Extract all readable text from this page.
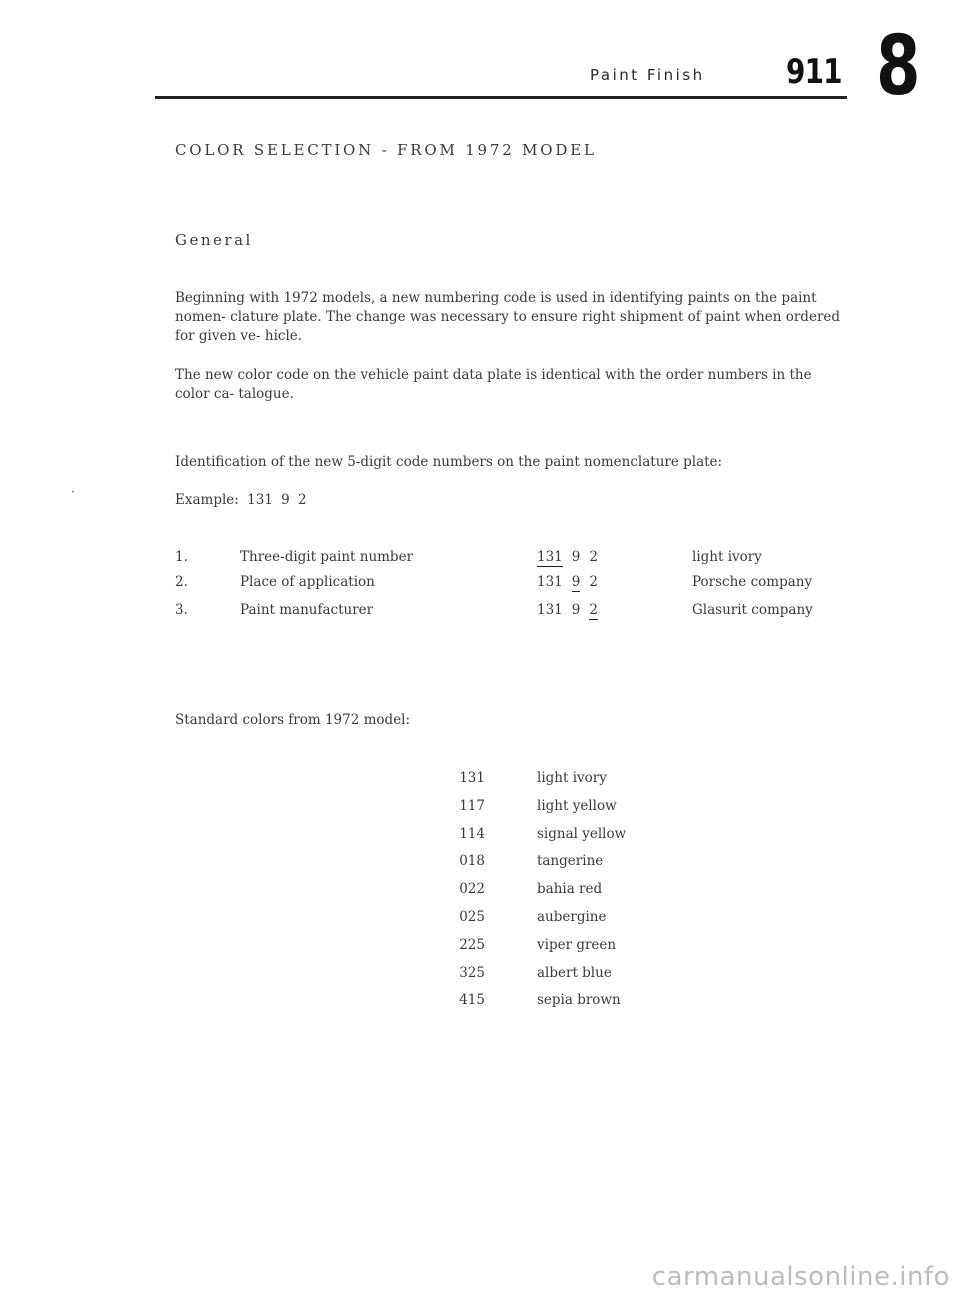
Paint Finish 911 8
COLOR SELECTION - FROM 1972 MODEL
General
Beginning with 1972 models, a new numbering code is used in identifying paints on the paint nomen- clature plate. The change was necessary to ensure right shipment of paint when ordered for given ve- hicle.
The new color code on the vehicle paint data plate is identical with the order numbers in the color ca- talogue.
Identification of the new 5-digit code numbers on the paint nomenclature plate:
Example: 131 9 2
1.	Three-digit paint number	131 9 2	light ivory
2.	Place of application	131 9 2	Porsche company
3.	Paint manufacturer	131 9 2	Glasurit company
Standard colors from 1972 model:
131	light ivory
117	light yellow
114	signal yellow
018	tangerine
022	bahia red
025	aubergine
225	viper green
325	albert blue
415	sepia brown
·
carmanualsonline.info
